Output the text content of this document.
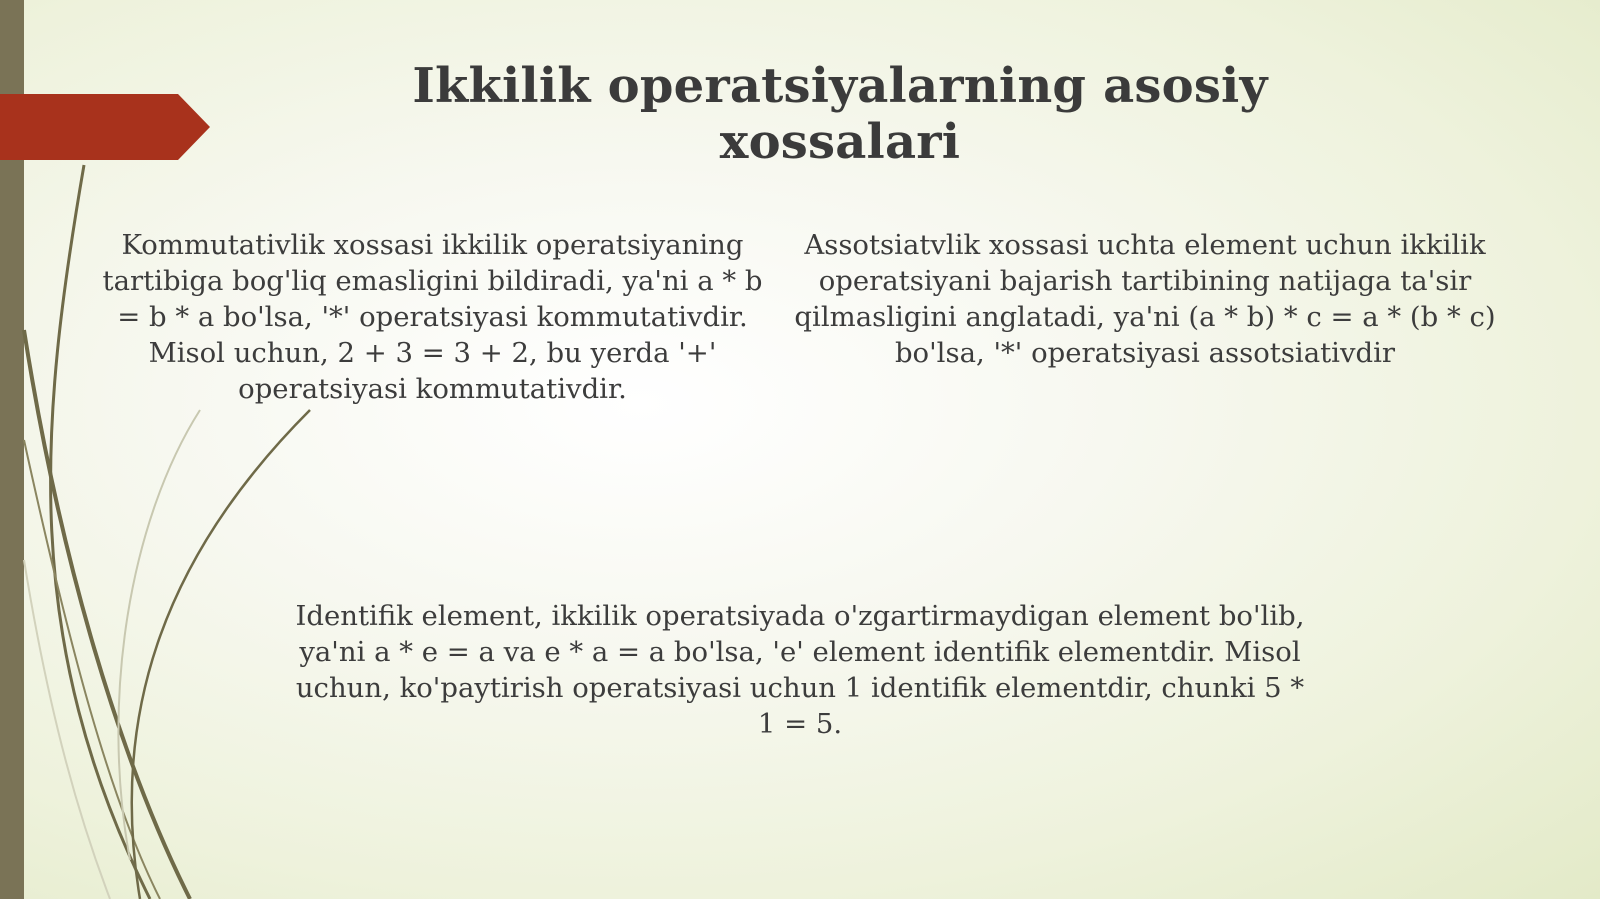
Ikkilik operatsiyalarning asosiy xossalari
Kommutativlik xossasi ikkilik operatsiyaning tartibiga bog'liq emasligini bildiradi, ya'ni a * b = b * a bo'lsa, '*' operatsiyasi kommutativdir. Misol uchun, 2 + 3 = 3 + 2, bu yerda '+' operatsiyasi kommutativdir.
Assotsiatvlik xossasi uchta element uchun ikkilik operatsiyani bajarish tartibining natijaga ta'sir qilmasligini anglatadi, ya'ni (a * b) * c = a * (b * c) bo'lsa, '*' operatsiyasi assotsiativdir
Identifik element, ikkilik operatsiyada o'zgartirmaydigan element bo'lib, ya'ni a * e = a va e * a = a bo'lsa, 'e' element identifik elementdir. Misol uchun, ko'paytirish operatsiyasi uchun 1 identifik elementdir, chunki 5 * 1 = 5.
